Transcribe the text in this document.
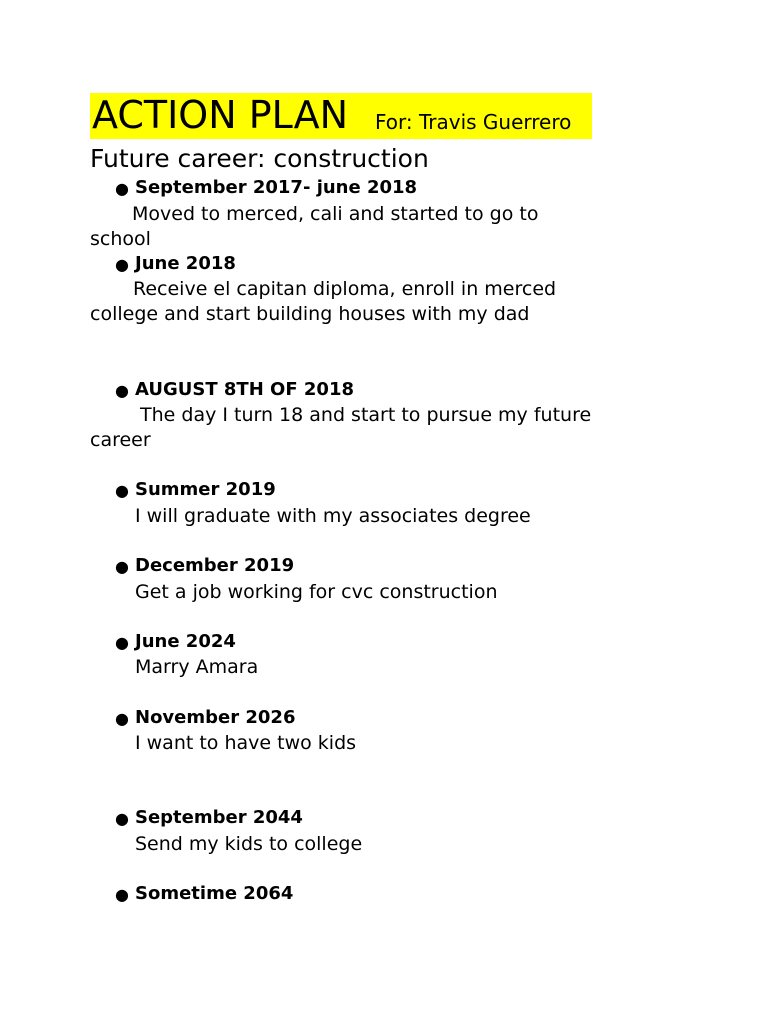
ACTION PLAN For: Travis Guerrero
Future career: construction
● September 2017- june 2018
Moved to merced, cali and started to go to
school
● June 2018
Receive el capitan diploma, enroll in merced
college and start building houses with my dad
● AUGUST 8TH OF 2018
The day I turn 18 and start to pursue my future
career
● Summer 2019
I will graduate with my associates degree
● December 2019
Get a job working for cvc construction
● June 2024
Marry Amara
● November 2026
I want to have two kids
● September 2044
Send my kids to college
● Sometime 2064
